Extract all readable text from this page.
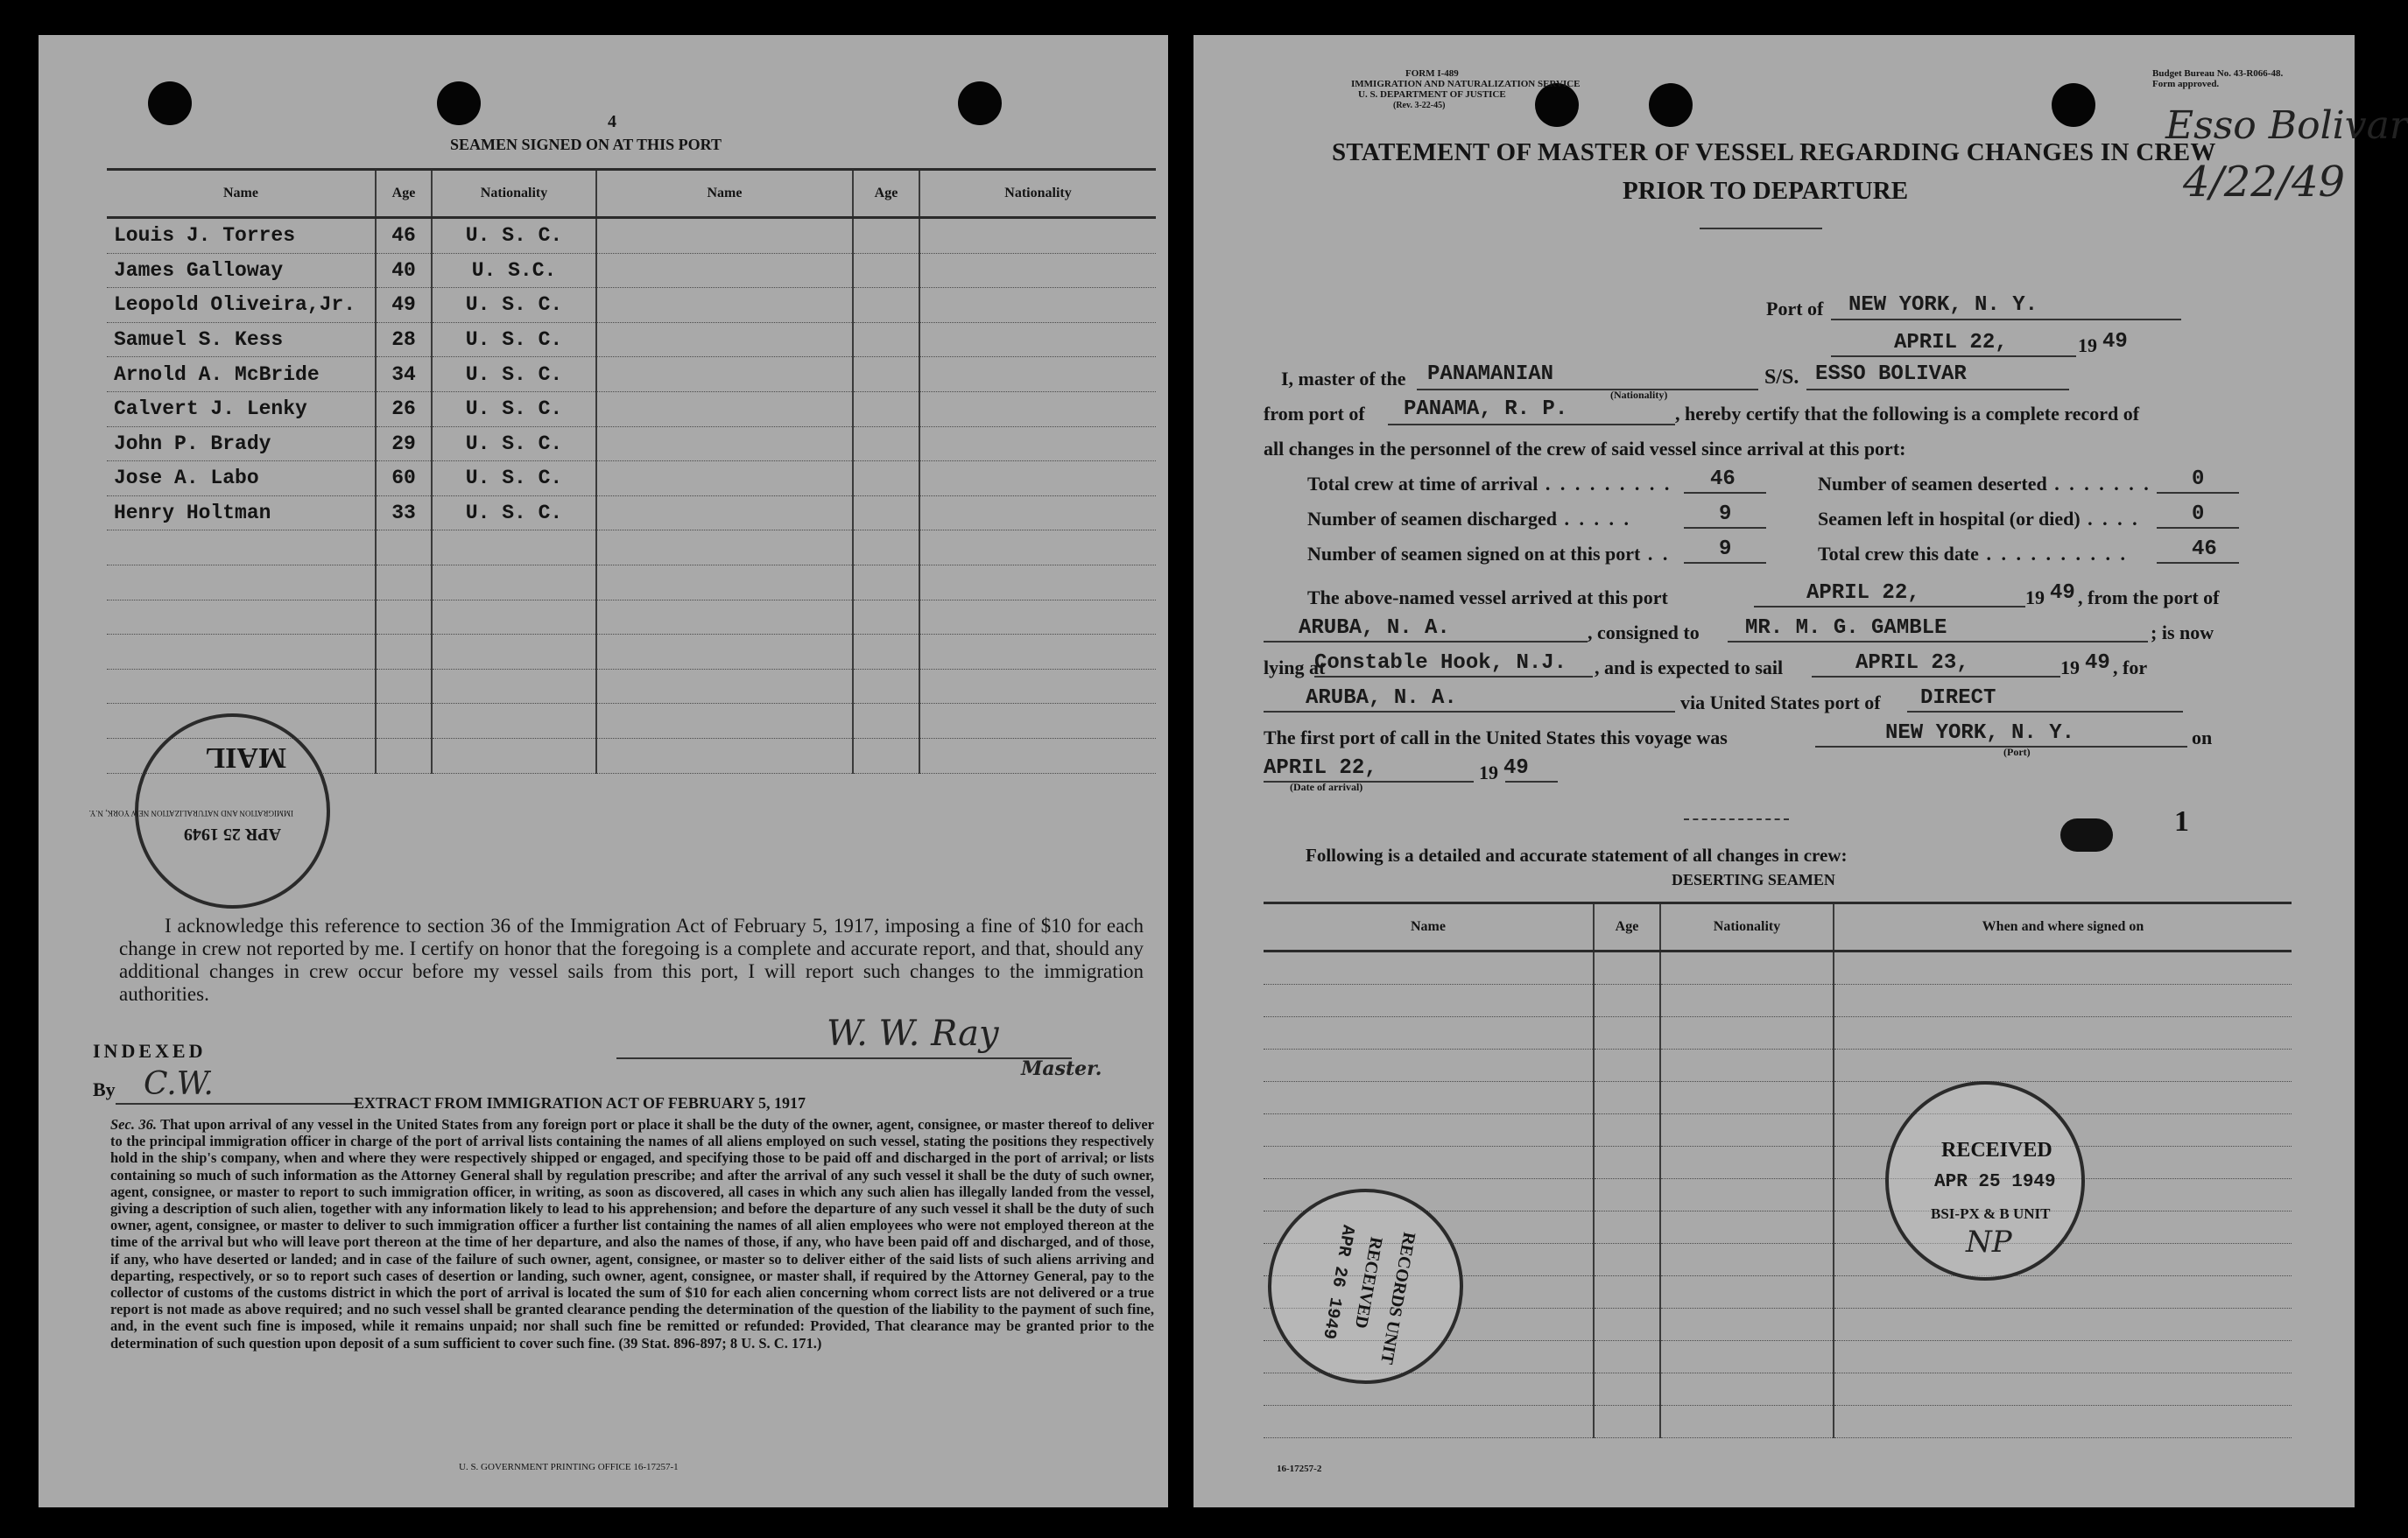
4
SEAMEN SIGNED ON AT THIS PORT
Name	Age	Nationality	Name	Age	Nationality
Louis J. Torres	46	U. S. C.			
James Galloway	40	U. S.C.			
Leopold Oliveira,Jr.	49	U. S. C.			
Samuel S. Kess	28	U. S. C.			
Arnold A. McBride	34	U. S. C.			
Calvert J. Lenky	26	U. S. C.			
John P. Brady	29	U. S. C.			
Jose A. Labo	60	U. S. C.			
Henry Holtman	33	U. S. C.			

MAIL
APR 25 1949
IMMIGRATION AND NATURALIZATION NEW YORK, N.Y.
I acknowledge this reference to section 36 of the Immigration Act of February 5, 1917, imposing a fine of $10 for each change in crew not reported by me. I certify on honor that the foregoing is a complete and accurate report, and that, should any additional changes in crew occur before my vessel sails from this port, I will report such changes to the immigration authorities.
INDEXED
By C.W.
W. W. Ray
Master.
EXTRACT FROM IMMIGRATION ACT OF FEBRUARY 5, 1917
Sec. 36. That upon arrival of any vessel in the United States from any foreign port or place it shall be the duty of the owner, agent, consignee, or master thereof to deliver to the principal immigration officer in charge of the port of arrival lists containing the names of all aliens employed on such vessel, stating the positions they respectively hold in the ship's company, when and where they were respectively shipped or engaged, and specifying those to be paid off and discharged in the port of arrival; or lists containing so much of such information as the Attorney General shall by regulation prescribe; and after the arrival of any such vessel it shall be the duty of such owner, agent, consignee, or master to report to such immigration officer, in writing, as soon as discovered, all cases in which any such alien has illegally landed from the vessel, giving a description of such alien, together with any information likely to lead to his apprehension; and before the departure of any such vessel it shall be the duty of such owner, agent, consignee, or master to deliver to such immigration officer a further list containing the names of all alien employees who were not employed thereon at the time of the arrival but who will leave port thereon at the time of her departure, and also the names of those, if any, who have been paid off and discharged, and of those, if any, who have deserted or landed; and in case of the failure of such owner, agent, consignee, or master so to deliver either of the said lists of such aliens arriving and departing, respectively, or so to report such cases of desertion or landing, such owner, agent, consignee, or master shall, if required by the Attorney General, pay to the collector of customs of the customs district in which the port of arrival is located the sum of $10 for each alien concerning whom correct lists are not delivered or a true report is not made as above required; and no such vessel shall be granted clearance pending the determination of the question of the liability to the payment of such fine, and, in the event such fine is imposed, while it remains unpaid; nor shall such fine be remitted or refunded: Provided, That clearance may be granted prior to the determination of such question upon deposit of a sum sufficient to cover such fine. (39 Stat. 896-897; 8 U. S. C. 171.)
U. S. GOVERNMENT PRINTING OFFICE 16-17257-1
FORM I-489
IMMIGRATION AND NATURALIZATION SERVICE
U. S. DEPARTMENT OF JUSTICE
(Rev. 3-22-45)
Budget Bureau No. 43-R066-48.
Form approved.
Esso Bolivar
4/22/49
STATEMENT OF MASTER OF VESSEL REGARDING CHANGES IN CREW
PRIOR TO DEPARTURE
Port of NEW YORK, N. Y.
APRIL 22,	19 49
I, master of the PANAMANIAN
(Nationality)
S/S. ESSO BOLIVAR
from port of PANAMA, R. P.	, hereby certify that the following is a complete record of
all changes in the personnel of the crew of said vessel since arrival at this port:
Total crew at time of arrival . . . . . . . . . 46	Number of seamen deserted . . . . . . . 0
Number of seamen discharged . . . . .	9	Seamen left in hospital (or died) . . . . 0
Number of seamen signed on at this port . . 9	Total crew this date . . . . . . . . . .	46
The above-named vessel arrived at this port	APRIL 22,	19 49 , from the port of
ARUBA, N. A.	, consigned to MR. M. G. GAMBLE	; is now
lying at
Constable Hook, N.J. , and is expected to sail	APRIL 23,	19 49 , for
ARUBA, N. A.	via United States port of DIRECT
The first port of call in the United States this voyage was	NEW YORK, N. Y.
(Port)
on
APRIL 22,
(Date of arrival)
19 49
1
Following is a detailed and accurate statement of all changes in crew:
DESERTING SEAMEN
Name	Age	Nationality	When and where signed on

RECEIVED
APR 25 1949
BSI-PX & B UNIT
NP
RECORDS UNIT
RECEIVED
APR 26 1949
16-17257-2
